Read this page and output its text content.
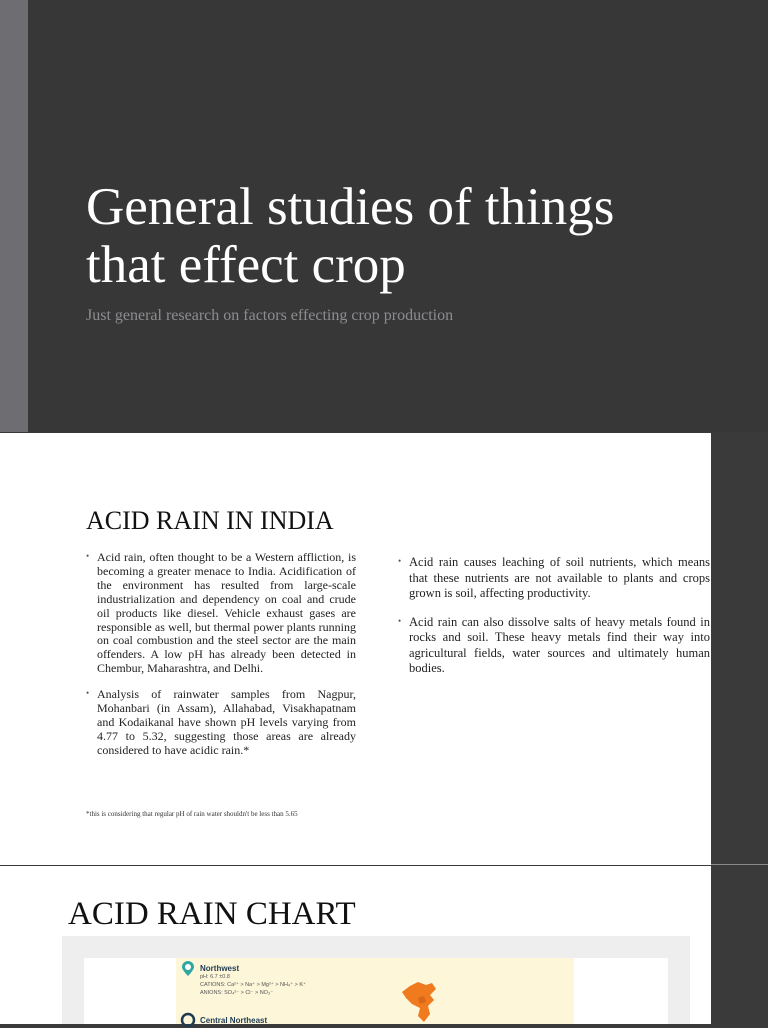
General studies of things
that effect crop

Just general research on factors effecting crop production

ACID RAIN IN INDIA
• Acid rain, often thought to be a Western affliction, is becoming a greater menace to India. Acidification of the environment has resulted from large-scale industrialization and dependency on coal and crude oil products like diesel. Vehicle exhaust gases are responsible as well, but thermal power plants running on coal combustion and the steel sector are the main offenders. A low pH has already been detected in Chembur, Maharashtra, and Delhi.
• Analysis of rainwater samples from Nagpur, Mohanbari (in Assam), Allahabad, Visakhapatnam and Kodaikanal have shown pH levels varying from 4.77 to 5.32, suggesting those areas are already considered to have acidic rain.*
• Acid rain causes leaching of soil nutrients, which means that these nutrients are not available to plants and crops grown is soil, affecting productivity.
• Acid rain can also dissolve salts of heavy metals found in rocks and soil. These heavy metals find their way into agricultural fields, water sources and ultimately human bodies.

*this is considering that regular pH of rain water shouldn't be less than 5.65

ACID RAIN CHART
Northwest
pH: 6.7 ±0.8
CATIONS: Ca²⁺ > Na⁺ > Mg²⁺ > NH₄⁺ > K⁺
ANIONS: SO₄²⁻ > Cl⁻ > NO₃⁻
Central Northeast
